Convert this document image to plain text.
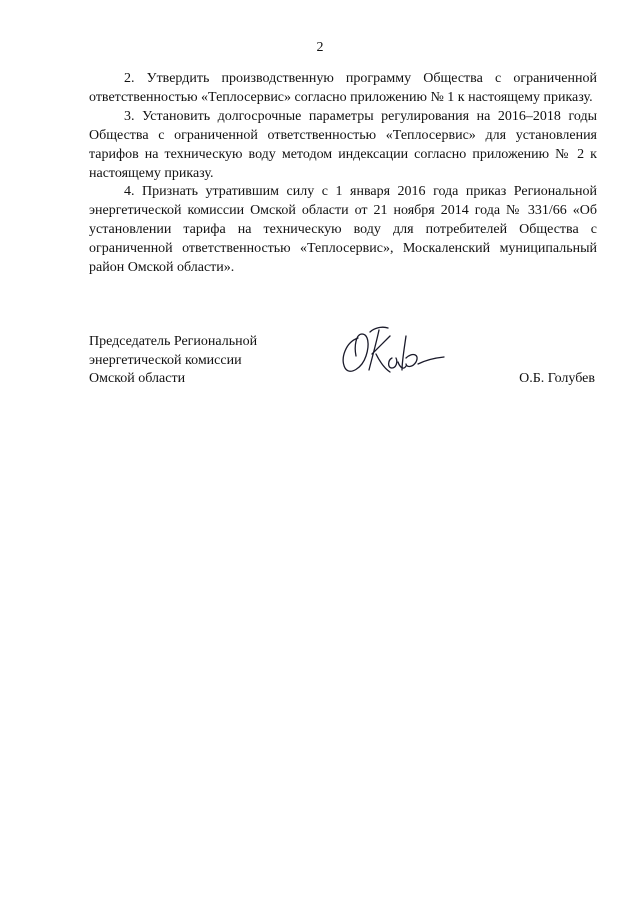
2

2. Утвердить производственную программу Общества с ограниченной ответственностью «Теплосервис» согласно приложению № 1 к настоящему приказу.

3. Установить долгосрочные параметры регулирования на 2016–2018 годы Общества с ограниченной ответственностью «Теплосервис» для установления тарифов на техническую воду методом индексации согласно приложению № 2 к настоящему приказу.

4. Признать утратившим силу с 1 января 2016 года приказ Региональной энергетической комиссии Омской области от 21 ноября 2014 года № 331/66 «Об установлении тарифа на техническую воду для потребителей Общества с ограниченной ответственностью «Теплосервис», Москаленский муниципальный район Омской области».

Председатель Региональной
энергетической комиссии
Омской области	О.Б. Голубев
